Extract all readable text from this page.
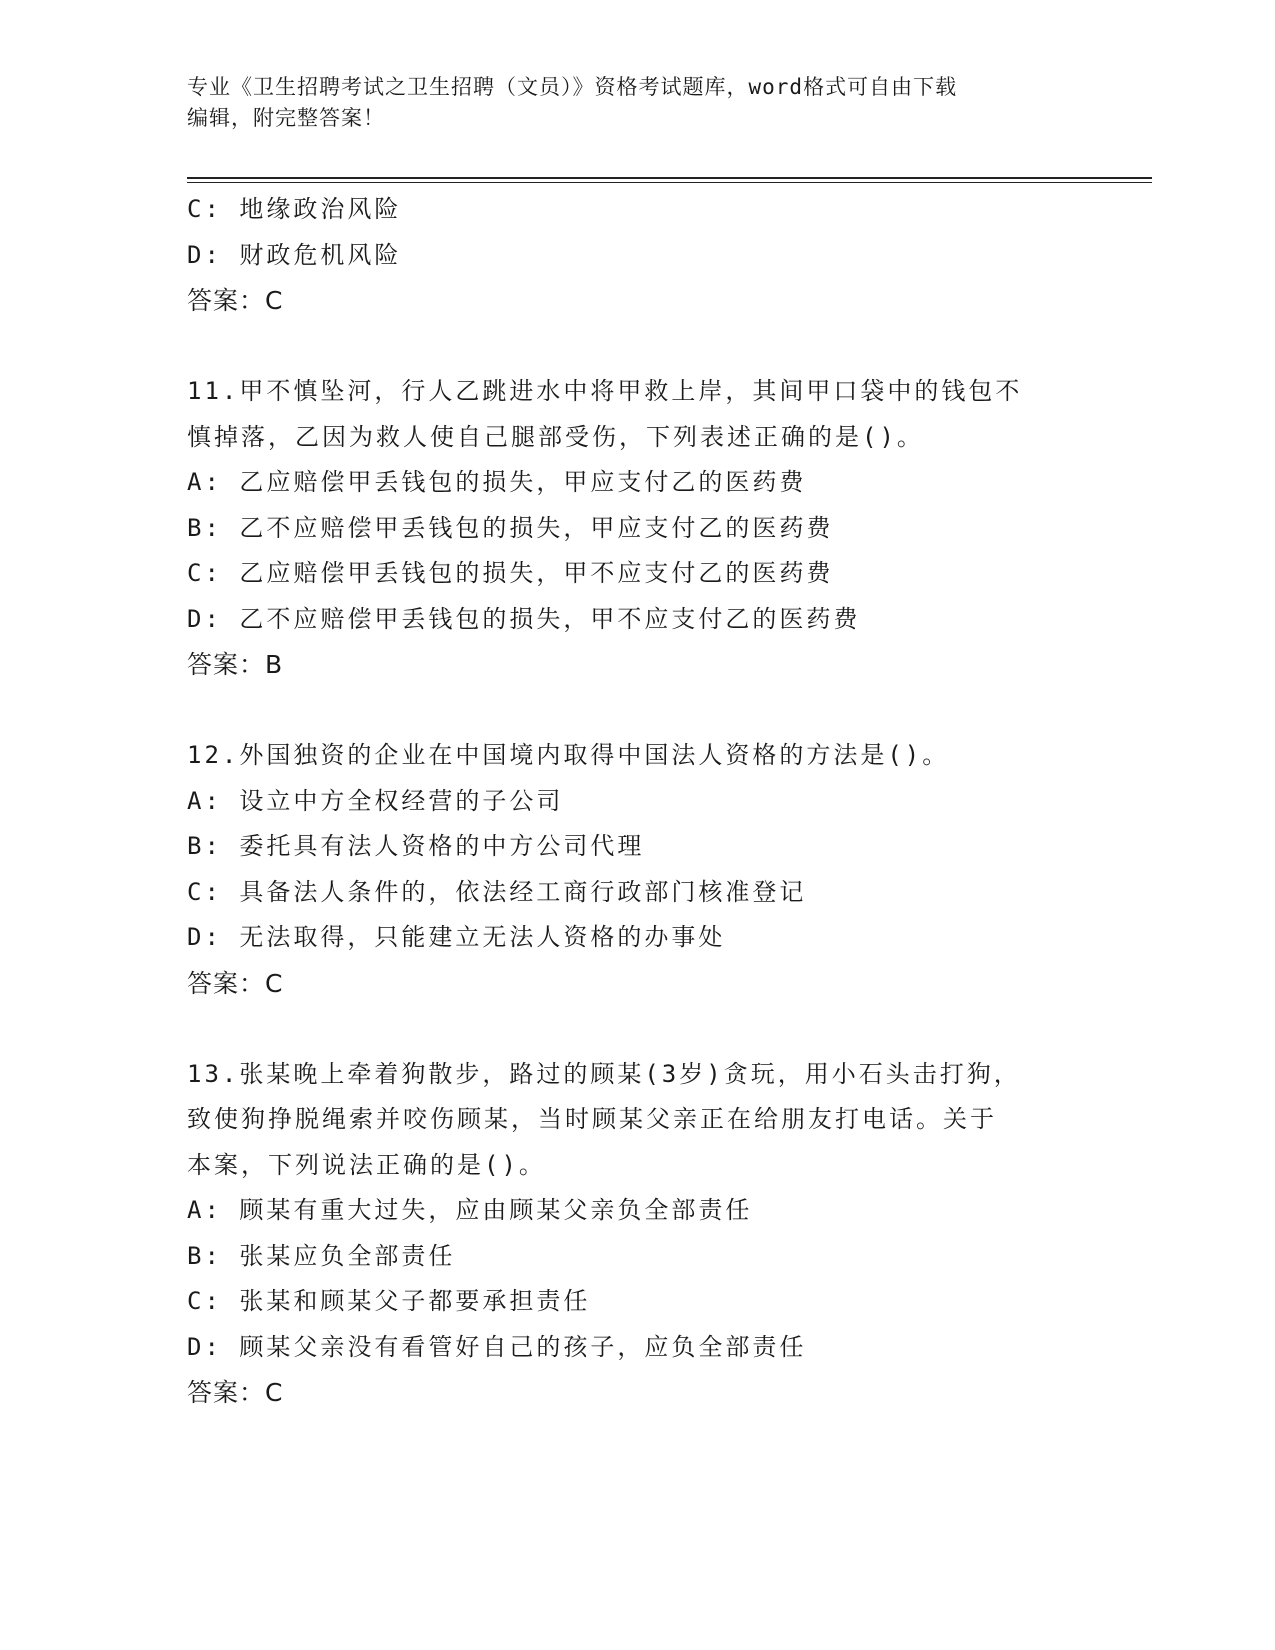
专业《卫生招聘考试之卫生招聘（文员）》资格考试题库，word格式可自由下载
编辑，附完整答案！
C: 地缘政治风险
D: 财政危机风险
答案：C
11.甲不慎坠河，行人乙跳进水中将甲救上岸，其间甲口袋中的钱包不
慎掉落，乙因为救人使自己腿部受伤，下列表述正确的是()。
A: 乙应赔偿甲丢钱包的损失，甲应支付乙的医药费
B: 乙不应赔偿甲丢钱包的损失，甲应支付乙的医药费
C: 乙应赔偿甲丢钱包的损失，甲不应支付乙的医药费
D: 乙不应赔偿甲丢钱包的损失，甲不应支付乙的医药费
答案：B
12.外国独资的企业在中国境内取得中国法人资格的方法是()。
A: 设立中方全权经营的子公司
B: 委托具有法人资格的中方公司代理
C: 具备法人条件的，依法经工商行政部门核准登记
D: 无法取得，只能建立无法人资格的办事处
答案：C
13.张某晚上牵着狗散步，路过的顾某(3岁)贪玩，用小石头击打狗，
致使狗挣脱绳索并咬伤顾某，当时顾某父亲正在给朋友打电话。关于
本案，下列说法正确的是()。
A: 顾某有重大过失，应由顾某父亲负全部责任
B: 张某应负全部责任
C: 张某和顾某父子都要承担责任
D: 顾某父亲没有看管好自己的孩子，应负全部责任
答案：C
